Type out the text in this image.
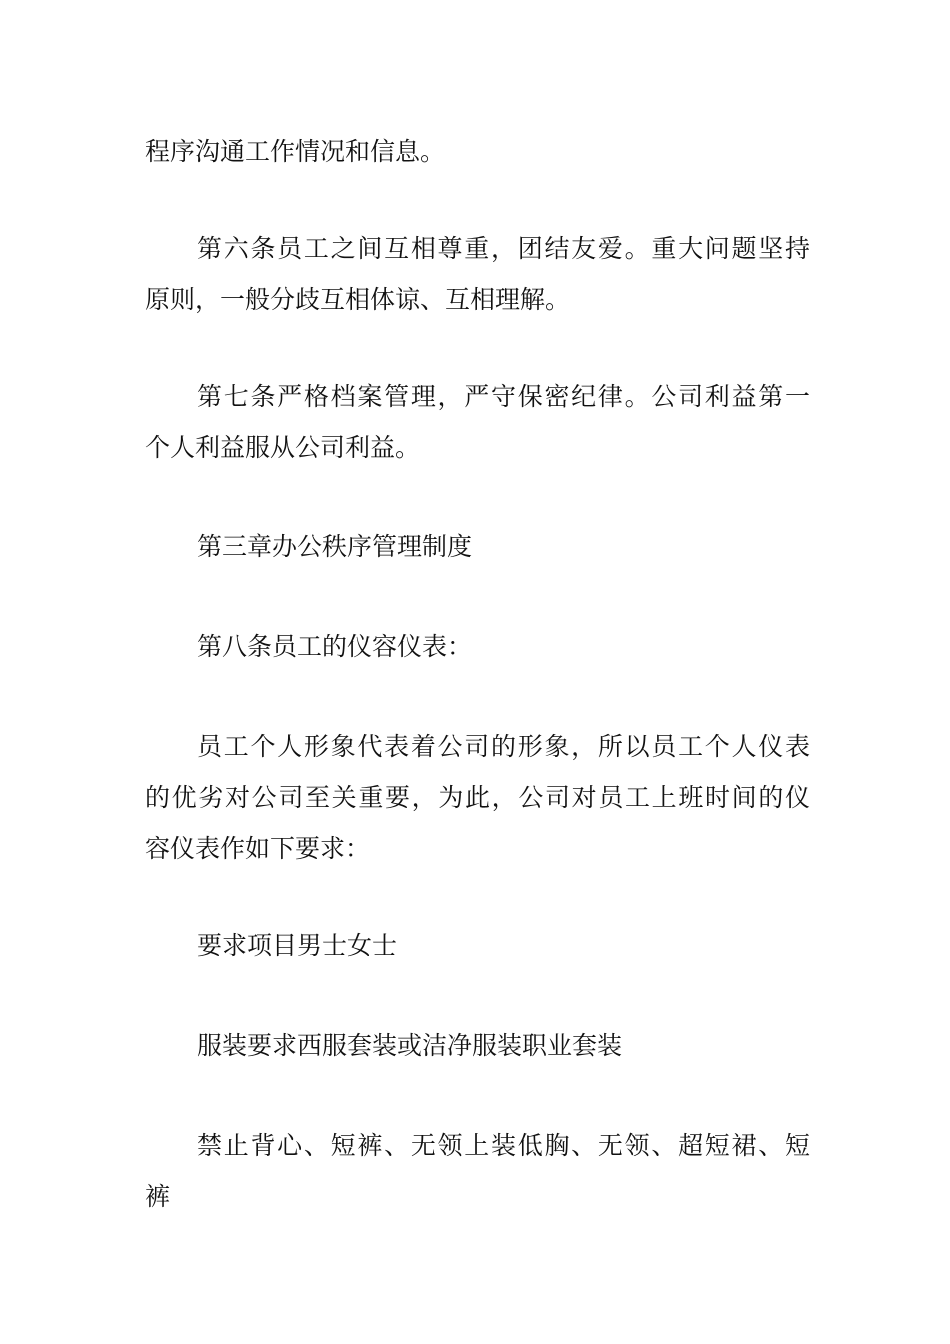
程序沟通工作情况和信息。
第六条员工之间互相尊重，团结友爱。重大问题坚持
原则，一般分歧互相体谅、互相理解。
第七条严格档案管理，严守保密纪律。公司利益第一
个人利益服从公司利益。
第三章办公秩序管理制度
第八条员工的仪容仪表：
员工个人形象代表着公司的形象，所以员工个人仪表
的优劣对公司至关重要，为此，公司对员工上班时间的仪
容仪表作如下要求：
要求项目男士女士
服装要求西服套装或洁净服装职业套装
禁止背心、短裤、无领上装低胸、无领、超短裙、短
裤
